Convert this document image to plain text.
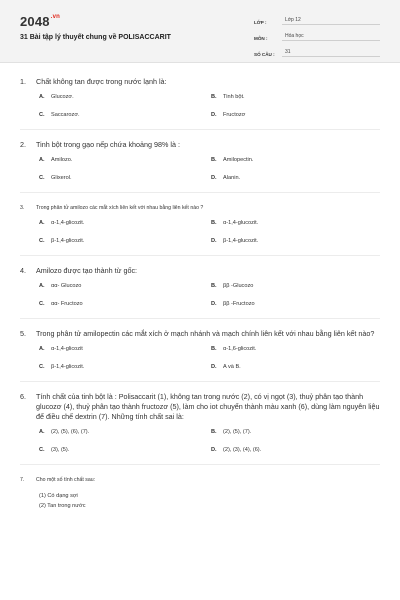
$2048^{.vn}$
31 Bài tập lý thuyết chung về POLISACCARIT
LỚP :	Lớp 12
MÔN :	Hóa học
SỐ CÂU :	31
1.	Chất không tan được trong nước lạnh là:
A.	Glucozơ.	B.	Tinh bột.
C.	Saccarozơ.	D.	Fructozơ
2.	Tinh bột trong gạo nếp chứa khoảng 98% là :
A.	Amilozo.	B.	Amilopectin.
C.	Glixerol.	D.	Alanin.
3.	Trong phân tử amilozo các mắt xích liên kết với nhau bằng liên kết nào ?
A.	α-1,4-glicozit.	B.	α-1,4-glucozit.
C.	β-1,4-glicozit.	D.	β-1,4-glucozit.
4.	Amilozo được tạo thành từ gốc:
A.	αα- Glucozo	B.	ββ -Glucozo
C.	αα- Fructozo	D.	ββ -Fructozo
5.	Trong phân tử amilopectin các mắt xích ở mạch nhánh và mạch chính liên kết với nhau bằng liên kết nào?
A.	α-1,4-glicozit	B.	α-1,6-glicozit.
C.	β-1,4-glicozit.	D.	A và B.
6.	Tính chất của tinh bột là : Polisaccarit (1), không tan trong nước (2), có vị ngọt (3), thuỷ phân tạo thành glucozơ (4), thuỷ phân tạo thành fructozơ (5), làm cho iot chuyển thành màu xanh (6), dùng làm nguyên liệu để điều chế dextrin (7). Những tính chất sai là:
A.	(2), (5), (6), (7).	B.	(2), (5), (7).
C.	(3), (5).	D.	(2), (3), (4), (6).
7.	Cho một số tính chất sau:
(1) Có dạng sợi
(2) Tan trong nước
